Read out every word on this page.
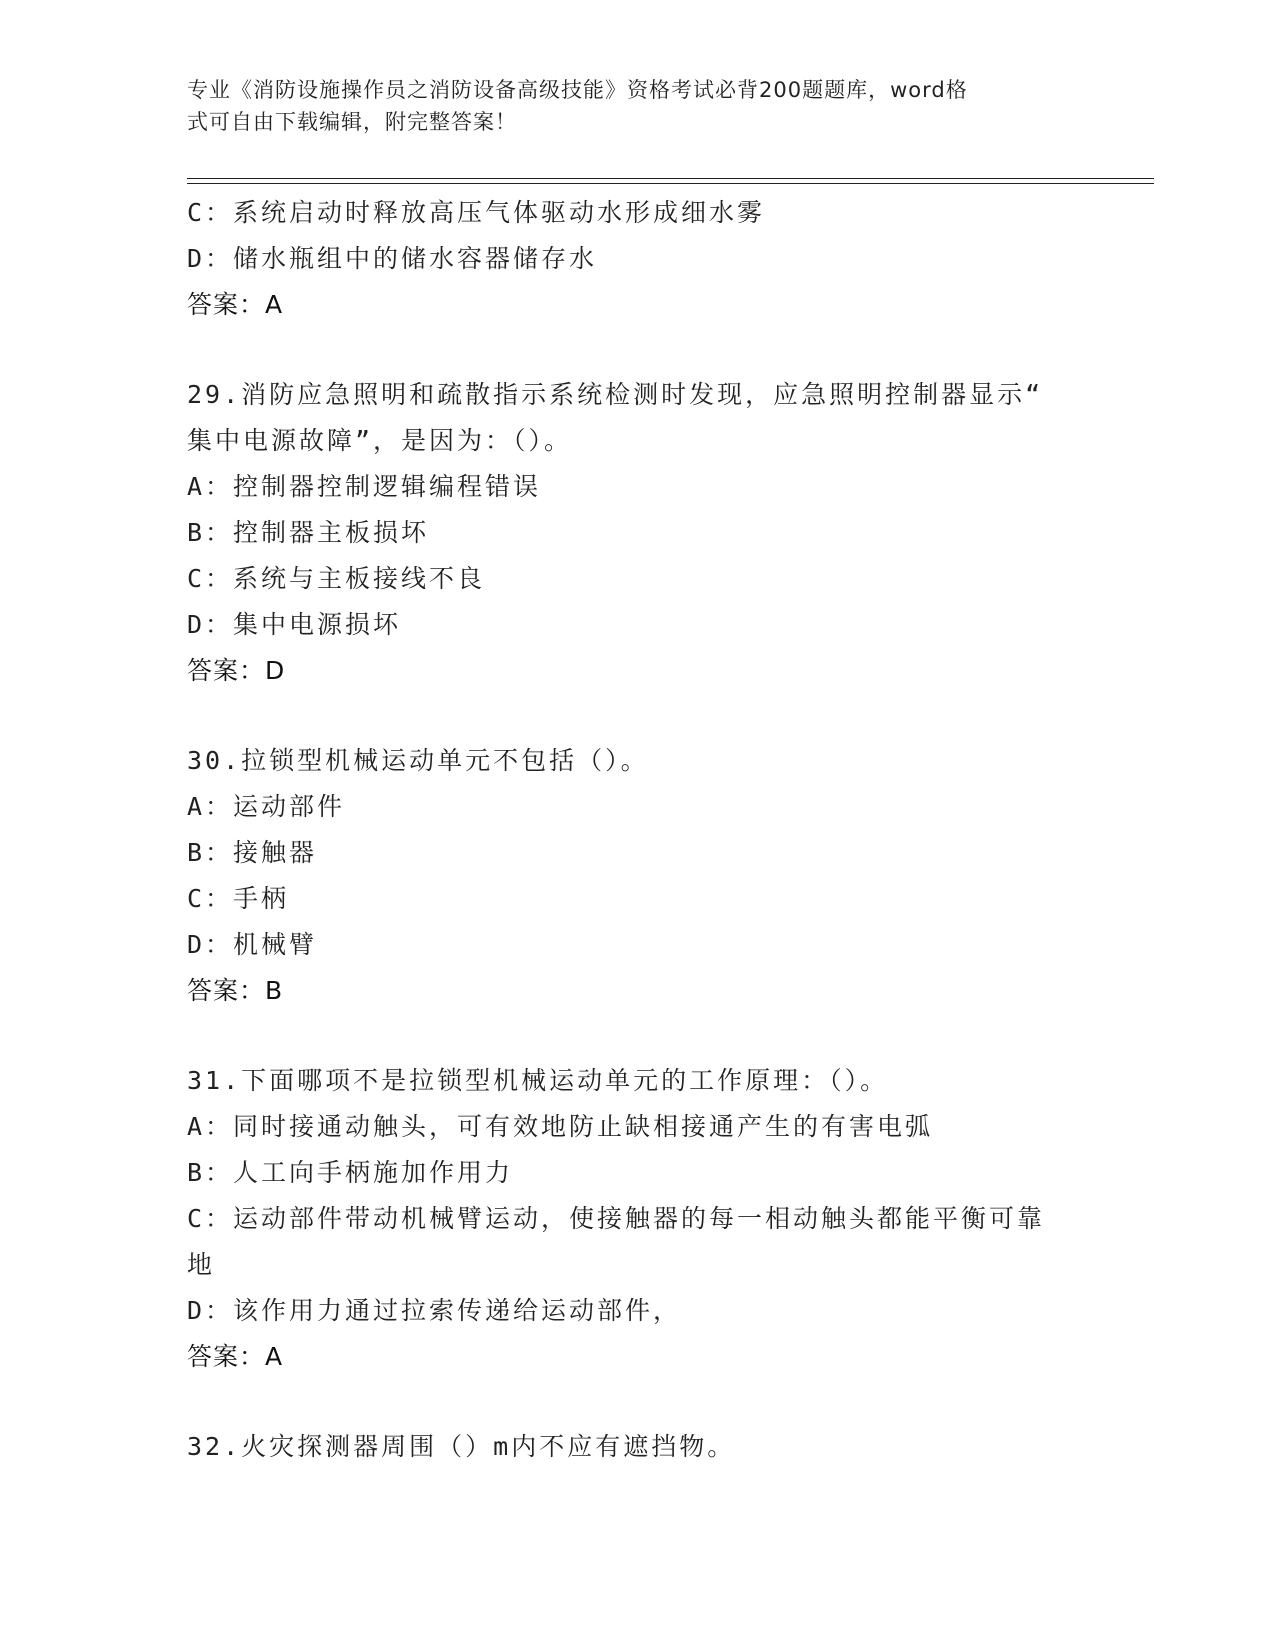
专业《消防设施操作员之消防设备高级技能》资格考试必背200题题库，word格
式可自由下载编辑，附完整答案！
C：系统启动时释放高压气体驱动水形成细水雾
D：储水瓶组中的储水容器储存水
答案：A
29.消防应急照明和疏散指示系统检测时发现，应急照明控制器显示“
集中电源故障”，是因为：（）。
A：控制器控制逻辑编程错误
B：控制器主板损坏
C：系统与主板接线不良
D：集中电源损坏
答案：D
30.拉锁型机械运动单元不包括（）。
A：运动部件
B：接触器
C：手柄
D：机械臂
答案：B
31.下面哪项不是拉锁型机械运动单元的工作原理：（）。
A：同时接通动触头，可有效地防止缺相接通产生的有害电弧
B：人工向手柄施加作用力
C：运动部件带动机械臂运动，使接触器的每一相动触头都能平衡可靠
地
D：该作用力通过拉索传递给运动部件，
答案：A
32.火灾探测器周围（）m内不应有遮挡物。
